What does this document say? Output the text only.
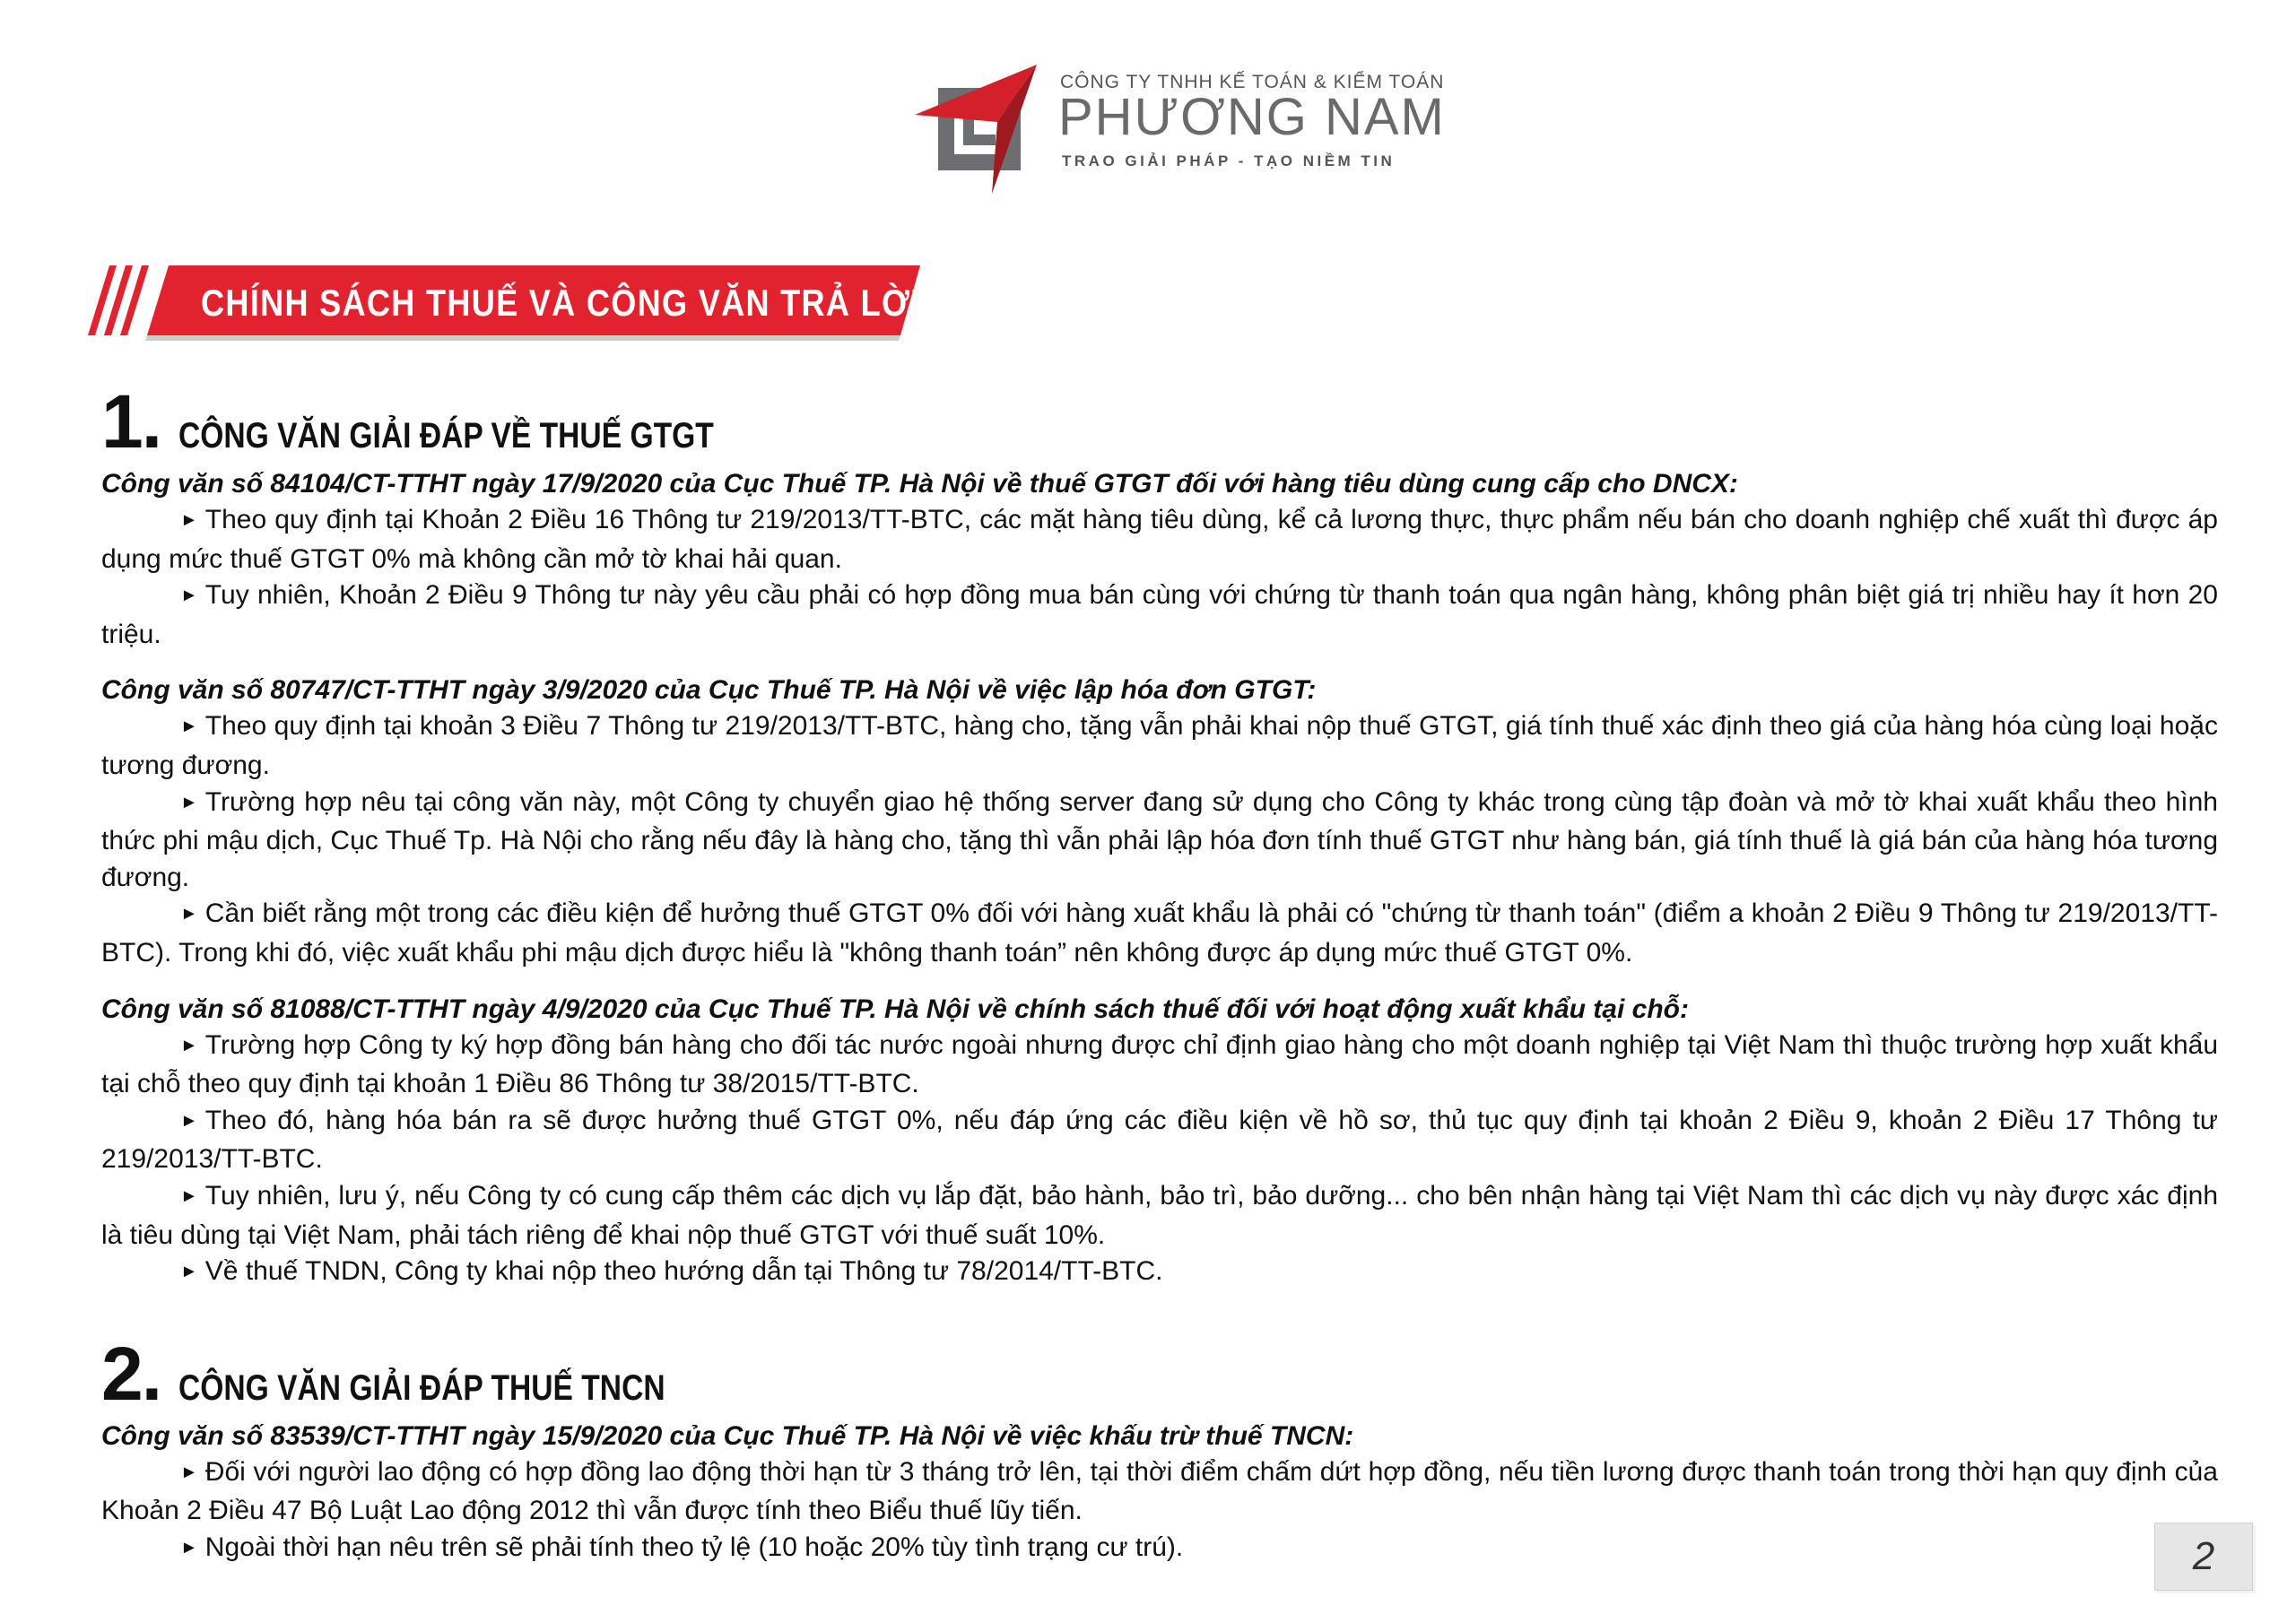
CÔNG TY TNHH KẾ TOÁN & KIỂM TOÁN
PHƯƠNG NAM
TRAO GIẢI PHÁP - TẠO NIỀM TIN
CHÍNH SÁCH THUẾ VÀ CÔNG VĂN TRẢ LỜI
1. CÔNG VĂN GIẢI ĐÁP VỀ THUẾ GTGT

Công văn số 84104/CT-TTHT ngày 17/9/2020 của Cục Thuế TP. Hà Nội về thuế GTGT đối với hàng tiêu dùng cung cấp cho DNCX:

► Theo quy định tại Khoản 2 Điều 16 Thông tư 219/2013/TT-BTC, các mặt hàng tiêu dùng, kể cả lương thực, thực phẩm nếu bán cho doanh nghiệp chế xuất thì được áp dụng mức thuế GTGT 0% mà không cần mở tờ khai hải quan.

► Tuy nhiên, Khoản 2 Điều 9 Thông tư này yêu cầu phải có hợp đồng mua bán cùng với chứng từ thanh toán qua ngân hàng, không phân biệt giá trị nhiều hay ít hơn 20 triệu.

Công văn số 80747/CT-TTHT ngày 3/9/2020 của Cục Thuế TP. Hà Nội về việc lập hóa đơn GTGT:

► Theo quy định tại khoản 3 Điều 7 Thông tư 219/2013/TT-BTC, hàng cho, tặng vẫn phải khai nộp thuế GTGT, giá tính thuế xác định theo giá của hàng hóa cùng loại hoặc tương đương.

► Trường hợp nêu tại công văn này, một Công ty chuyển giao hệ thống server đang sử dụng cho Công ty khác trong cùng tập đoàn và mở tờ khai xuất khẩu theo hình thức phi mậu dịch, Cục Thuế Tp. Hà Nội cho rằng nếu đây là hàng cho, tặng thì vẫn phải lập hóa đơn tính thuế GTGT như hàng bán, giá tính thuế là giá bán của hàng hóa tương đương.

► Cần biết rằng một trong các điều kiện để hưởng thuế GTGT 0% đối với hàng xuất khẩu là phải có "chứng từ thanh toán" (điểm a khoản 2 Điều 9 Thông tư 219/2013/TT-BTC). Trong khi đó, việc xuất khẩu phi mậu dịch được hiểu là "không thanh toán” nên không được áp dụng mức thuế GTGT 0%.

Công văn số 81088/CT-TTHT ngày 4/9/2020 của Cục Thuế TP. Hà Nội về chính sách thuế đối với hoạt động xuất khẩu tại chỗ:

► Trường hợp Công ty ký hợp đồng bán hàng cho đối tác nước ngoài nhưng được chỉ định giao hàng cho một doanh nghiệp tại Việt Nam thì thuộc trường hợp xuất khẩu tại chỗ theo quy định tại khoản 1 Điều 86 Thông tư 38/2015/TT-BTC.

► Theo đó, hàng hóa bán ra sẽ được hưởng thuế GTGT 0%, nếu đáp ứng các điều kiện về hồ sơ, thủ tục quy định tại khoản 2 Điều 9, khoản 2 Điều 17 Thông tư 219/2013/TT-BTC.

► Tuy nhiên, lưu ý, nếu Công ty có cung cấp thêm các dịch vụ lắp đặt, bảo hành, bảo trì, bảo dưỡng... cho bên nhận hàng tại Việt Nam thì các dịch vụ này được xác định là tiêu dùng tại Việt Nam, phải tách riêng để khai nộp thuế GTGT với thuế suất 10%.

► Về thuế TNDN, Công ty khai nộp theo hướng dẫn tại Thông tư 78/2014/TT-BTC.

2. CÔNG VĂN GIẢI ĐÁP THUẾ TNCN

Công văn số 83539/CT-TTHT ngày 15/9/2020 của Cục Thuế TP. Hà Nội về việc khấu trừ thuế TNCN:

► Đối với người lao động có hợp đồng lao động thời hạn từ 3 tháng trở lên, tại thời điểm chấm dứt hợp đồng, nếu tiền lương được thanh toán trong thời hạn quy định của Khoản 2 Điều 47 Bộ Luật Lao động 2012 thì vẫn được tính theo Biểu thuế lũy tiến.

► Ngoài thời hạn nêu trên sẽ phải tính theo tỷ lệ (10 hoặc 20% tùy tình trạng cư trú).	2
